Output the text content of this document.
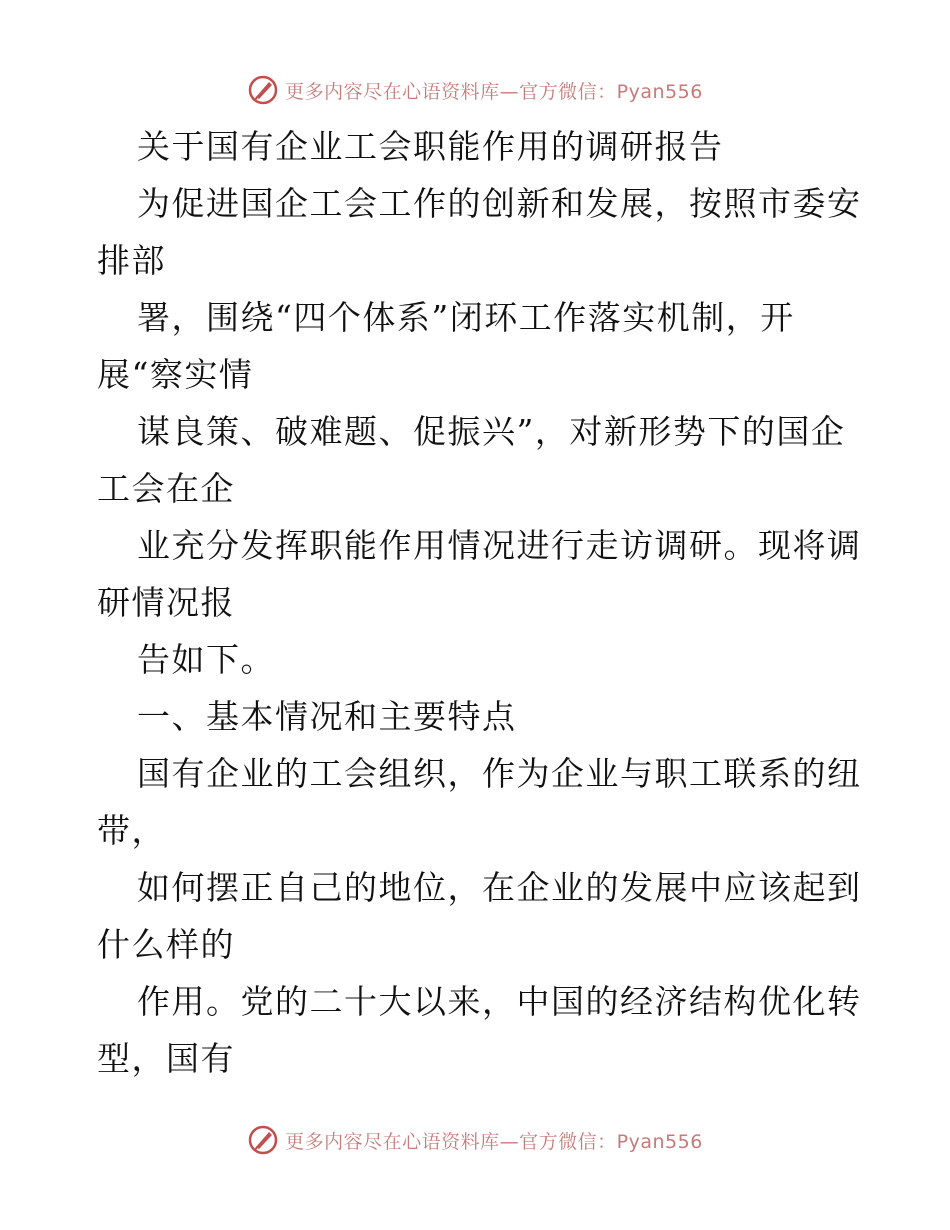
更多内容尽在心语资料库—官方微信：Pyan556
关于国有企业工会职能作用的调研报告
为促进国企工会工作的创新和发展，按照市委安
排部
署，围绕“四个体系”闭环工作落实机制，开
展“察实情
谋良策、破难题、促振兴”，对新形势下的国企
工会在企
业充分发挥职能作用情况进行走访调研。现将调
研情况报
告如下。
一、基本情况和主要特点
国有企业的工会组织，作为企业与职工联系的纽
带，
如何摆正自己的地位，在企业的发展中应该起到
什么样的
作用。党的二十大以来，中国的经济结构优化转
型，国有
更多内容尽在心语资料库—官方微信：Pyan556
